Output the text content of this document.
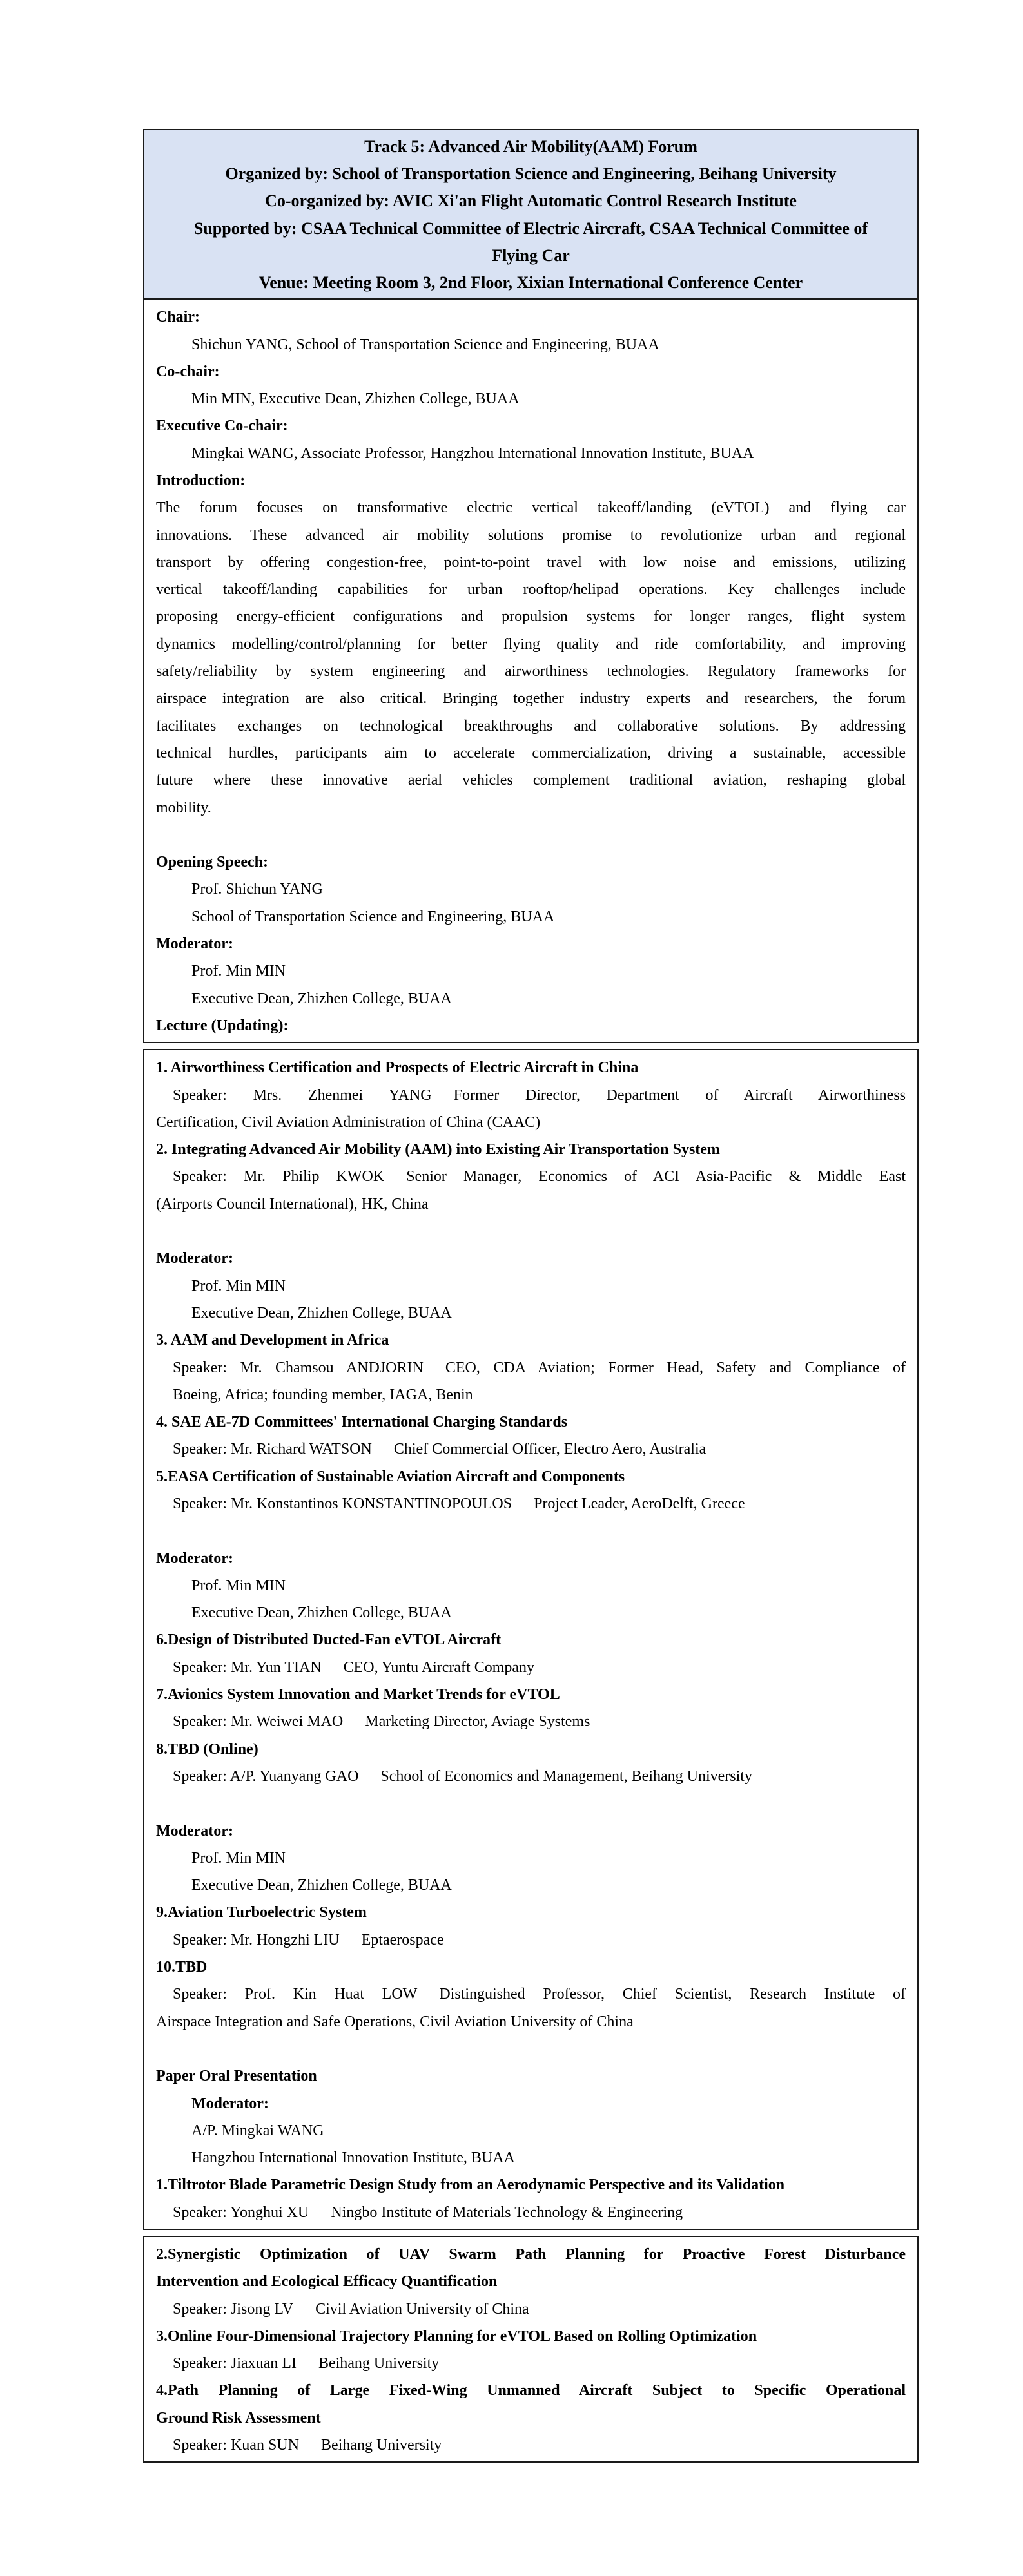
Track 5: Advanced Air Mobility(AAM) Forum
Organized by: School of Transportation Science and Engineering, Beihang University
Co-organized by: AVIC Xi'an Flight Automatic Control Research Institute
Supported by: CSAA Technical Committee of Electric Aircraft, CSAA Technical Committee of
Flying Car
Venue: Meeting Room 3, 2nd Floor, Xixian International Conference Center
Chair:
Shichun YANG, School of Transportation Science and Engineering, BUAA
Co-chair:
Min MIN, Executive Dean, Zhizhen College, BUAA
Executive Co-chair:
Mingkai WANG, Associate Professor, Hangzhou International Innovation Institute, BUAA
Introduction:
The forum focuses on transformative electric vertical takeoff/landing (eVTOL) and flying car
innovations. These advanced air mobility solutions promise to revolutionize urban and regional
transport by offering congestion-free, point-to-point travel with low noise and emissions, utilizing
vertical takeoff/landing capabilities for urban rooftop/helipad operations. Key challenges include
proposing energy-efficient configurations and propulsion systems for longer ranges, flight system
dynamics modelling/control/planning for better flying quality and ride comfortability, and improving
safety/reliability by system engineering and airworthiness technologies. Regulatory frameworks for
airspace integration are also critical. Bringing together industry experts and researchers, the forum
facilitates exchanges on technological breakthroughs and collaborative solutions. By addressing
technical hurdles, participants aim to accelerate commercialization, driving a sustainable, accessible
future where these innovative aerial vehicles complement traditional aviation, reshaping global
mobility.

Opening Speech:
Prof. Shichun YANG
School of Transportation Science and Engineering, BUAA
Moderator:
Prof. Min MIN
Executive Dean, Zhizhen College, BUAA
Lecture (Updating):
1. Airworthiness Certification and Prospects of Electric Aircraft in China
Speaker: Mrs. Zhenmei YANG Former Director, Department of Aircraft Airworthiness
Certification, Civil Aviation Administration of China (CAAC)
2. Integrating Advanced Air Mobility (AAM) into Existing Air Transportation System
Speaker: Mr. Philip KWOK Senior Manager, Economics of ACI Asia-Pacific & Middle East
(Airports Council International), HK, China

Moderator:
Prof. Min MIN
Executive Dean, Zhizhen College, BUAA
3. AAM and Development in Africa
Speaker: Mr. Chamsou ANDJORIN CEO, CDA Aviation; Former Head, Safety and Compliance of
Boeing, Africa; founding member, IAGA, Benin
4. SAE AE-7D Committees' International Charging Standards
Speaker: Mr. Richard WATSON Chief Commercial Officer, Electro Aero, Australia
5.EASA Certification of Sustainable Aviation Aircraft and Components
Speaker: Mr. Konstantinos KONSTANTINOPOULOS Project Leader, AeroDelft, Greece

Moderator:
Prof. Min MIN
Executive Dean, Zhizhen College, BUAA
6.Design of Distributed Ducted-Fan eVTOL Aircraft
Speaker: Mr. Yun TIAN CEO, Yuntu Aircraft Company
7.Avionics System Innovation and Market Trends for eVTOL
Speaker: Mr. Weiwei MAO Marketing Director, Aviage Systems
8.TBD (Online)
Speaker: A/P. Yuanyang GAO School of Economics and Management, Beihang University

Moderator:
Prof. Min MIN
Executive Dean, Zhizhen College, BUAA
9.Aviation Turboelectric System
Speaker: Mr. Hongzhi LIU Eptaerospace
10.TBD
Speaker: Prof. Kin Huat LOW Distinguished Professor, Chief Scientist, Research Institute of
Airspace Integration and Safe Operations, Civil Aviation University of China

Paper Oral Presentation
Moderator:
A/P. Mingkai WANG
Hangzhou International Innovation Institute, BUAA
1.Tiltrotor Blade Parametric Design Study from an Aerodynamic Perspective and its Validation
Speaker: Yonghui XU Ningbo Institute of Materials Technology & Engineering
2.Synergistic Optimization of UAV Swarm Path Planning for Proactive Forest Disturbance
Intervention and Ecological Efficacy Quantification
Speaker: Jisong LV Civil Aviation University of China
3.Online Four-Dimensional Trajectory Planning for eVTOL Based on Rolling Optimization
Speaker: Jiaxuan LI Beihang University
4.Path Planning of Large Fixed-Wing Unmanned Aircraft Subject to Specific Operational
Ground Risk Assessment
Speaker: Kuan SUN Beihang University
